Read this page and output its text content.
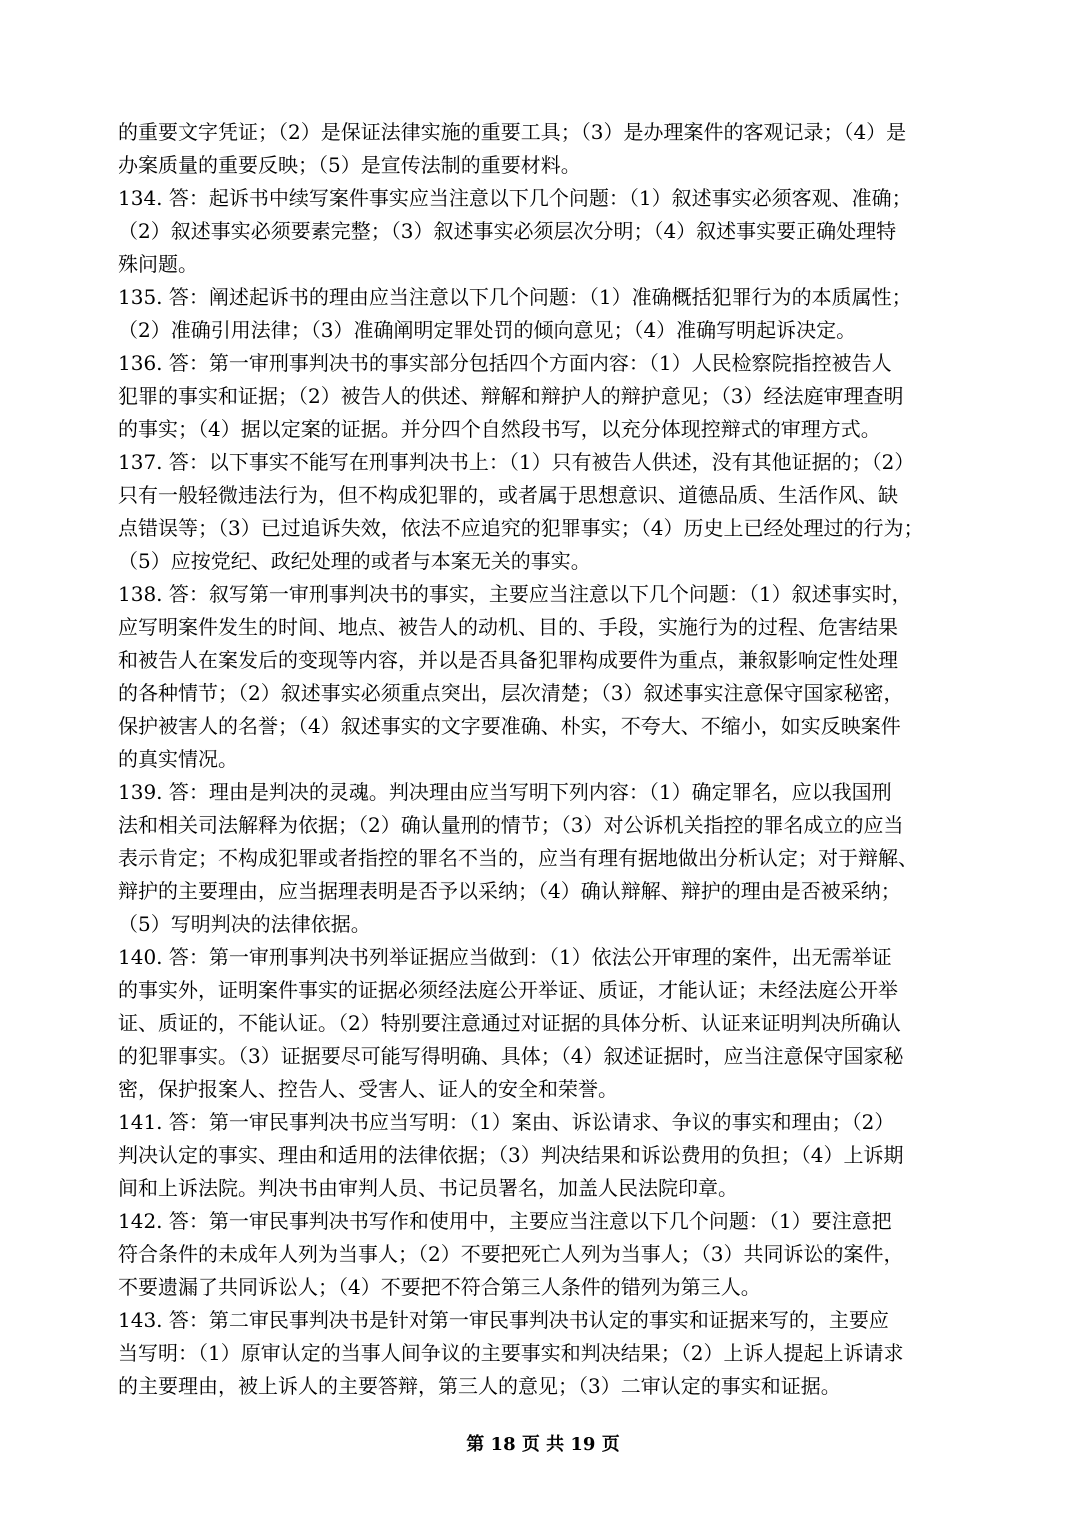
的重要文字凭证；（2）是保证法律实施的重要工具；（3）是办理案件的客观记录；（4）是
办案质量的重要反映；（5）是宣传法制的重要材料。
134. 答：起诉书中续写案件事实应当注意以下几个问题：（1）叙述事实必须客观、准确；
（2）叙述事实必须要素完整；（3）叙述事实必须层次分明；（4）叙述事实要正确处理特
殊问题。
135. 答：阐述起诉书的理由应当注意以下几个问题：（1）准确概括犯罪行为的本质属性；
（2）准确引用法律；（3）准确阐明定罪处罚的倾向意见；（4）准确写明起诉决定。
136. 答：第一审刑事判决书的事实部分包括四个方面内容：（1）人民检察院指控被告人
犯罪的事实和证据；（2）被告人的供述、辩解和辩护人的辩护意见；（3）经法庭审理查明
的事实；（4）据以定案的证据。并分四个自然段书写，以充分体现控辩式的审理方式。
137. 答：以下事实不能写在刑事判决书上：（1）只有被告人供述，没有其他证据的；（2）
只有一般轻微违法行为，但不构成犯罪的，或者属于思想意识、道德品质、生活作风、缺
点错误等；（3）已过追诉失效，依法不应追究的犯罪事实；（4）历史上已经处理过的行为；
（5）应按党纪、政纪处理的或者与本案无关的事实。
138. 答：叙写第一审刑事判决书的事实，主要应当注意以下几个问题：（1）叙述事实时，
应写明案件发生的时间、地点、被告人的动机、目的、手段，实施行为的过程、危害结果
和被告人在案发后的变现等内容，并以是否具备犯罪构成要件为重点，兼叙影响定性处理
的各种情节；（2）叙述事实必须重点突出，层次清楚；（3）叙述事实注意保守国家秘密，
保护被害人的名誉；（4）叙述事实的文字要准确、朴实，不夸大、不缩小，如实反映案件
的真实情况。
139. 答：理由是判决的灵魂。判决理由应当写明下列内容：（1）确定罪名，应以我国刑
法和相关司法解释为依据；（2）确认量刑的情节；（3）对公诉机关指控的罪名成立的应当
表示肯定；不构成犯罪或者指控的罪名不当的，应当有理有据地做出分析认定；对于辩解、
辩护的主要理由，应当据理表明是否予以采纳；（4）确认辩解、辩护的理由是否被采纳；
（5）写明判决的法律依据。
140. 答：第一审刑事判决书列举证据应当做到：（1）依法公开审理的案件，出无需举证
的事实外，证明案件事实的证据必须经法庭公开举证、质证，才能认证；未经法庭公开举
证、质证的，不能认证。（2）特别要注意通过对证据的具体分析、认证来证明判决所确认
的犯罪事实。（3）证据要尽可能写得明确、具体；（4）叙述证据时，应当注意保守国家秘
密，保护报案人、控告人、受害人、证人的安全和荣誉。
141. 答：第一审民事判决书应当写明：（1）案由、诉讼请求、争议的事实和理由；（2）
判决认定的事实、理由和适用的法律依据；（3）判决结果和诉讼费用的负担；（4）上诉期
间和上诉法院。判决书由审判人员、书记员署名，加盖人民法院印章。
142. 答：第一审民事判决书写作和使用中，主要应当注意以下几个问题：（1）要注意把
符合条件的未成年人列为当事人；（2）不要把死亡人列为当事人；（3）共同诉讼的案件，
不要遗漏了共同诉讼人；（4）不要把不符合第三人条件的错列为第三人。
143. 答：第二审民事判决书是针对第一审民事判决书认定的事实和证据来写的，主要应
当写明：（1）原审认定的当事人间争议的主要事实和判决结果；（2）上诉人提起上诉请求
的主要理由，被上诉人的主要答辩，第三人的意见；（3）二审认定的事实和证据。
第 18 页 共 19 页
